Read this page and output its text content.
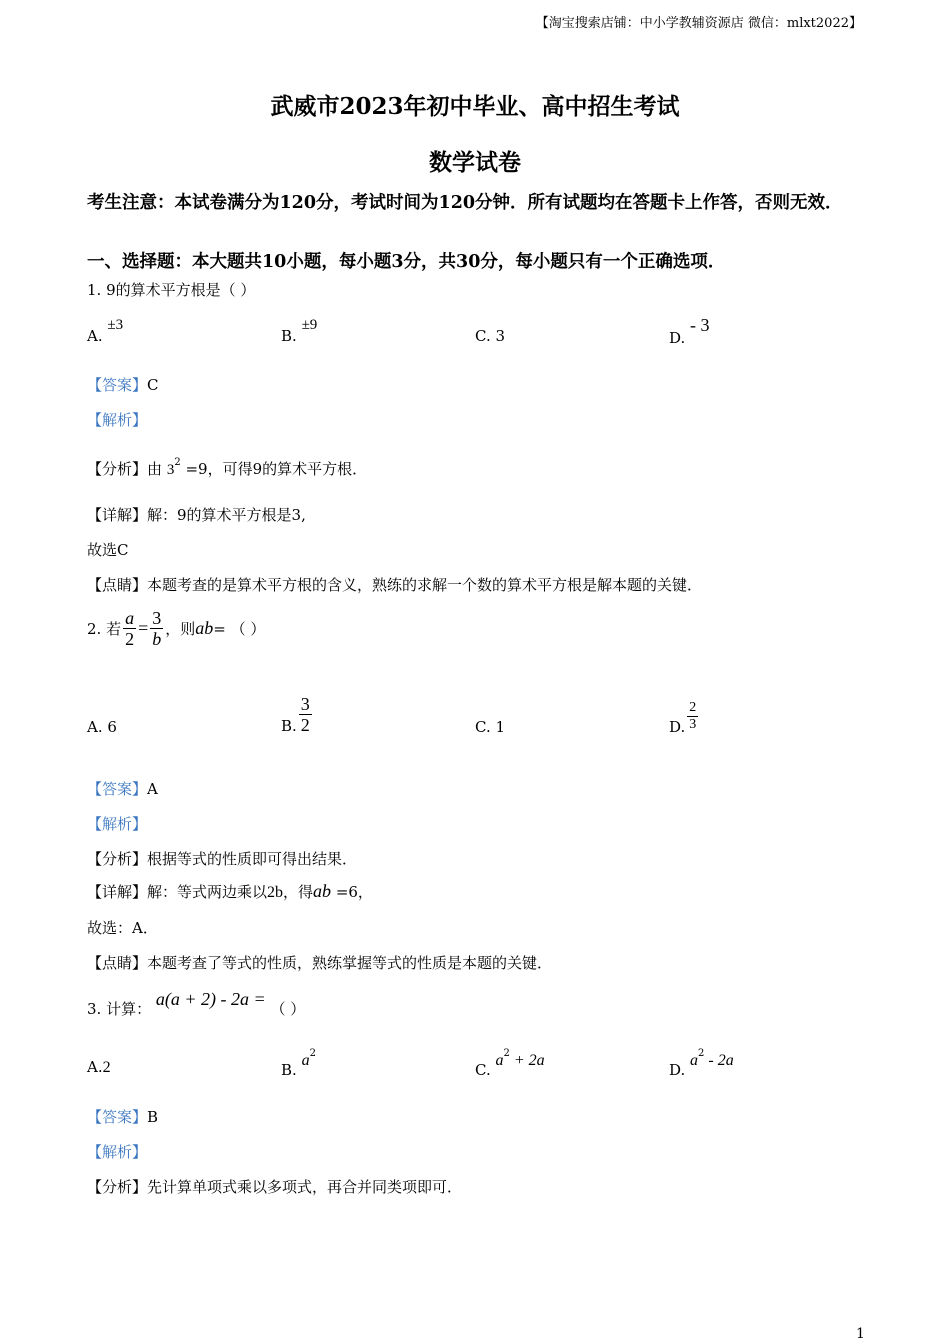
【淘宝搜索店铺：中小学教辅资源店 微信：mlxt2022】
武威市2023年初中毕业、高中招生考试
数学试卷
考生注意：本试卷满分为120分，考试时间为120分钟．所有试题均在答题卡上作答，否则无效．
一、选择题：本大题共10小题，每小题3分，共30分，每小题只有一个正确选项．
1. 9的算术平方根是（ ）
A. ±3
B. ±9
C. 3	D. - 3
【答案】C
【解析】
【分析】由 $3^2 =9$，可得9的算术平方根．
【详解】解：9的算术平方根是3,
故选C
【点睛】本题考查的是算术平方根的含义，熟练的求解一个数的算术平方根是解本题的关键．
2. 若 $\frac{a}{2} = \frac{3}{b}$ ，则 ab = （ ）
A. 6	B. $\frac{3}{2}$	C. 1	D. $\frac{2}{3}$
【答案】A
【解析】
【分析】根据等式的性质即可得出结果．
【详解】解：等式两边乘以2b，得ab =6，
故选：A．
【点睛】本题考查了等式的性质，熟练掌握等式的性质是本题的关键．
3. 计算： a(a + 2) - 2a = （ ）
A.2	B. $a^2$
C. $a^2 + 2a$
D. $a^2 - 2a$
【答案】B
【解析】
【分析】先计算单项式乘以多项式，再合并同类项即可．
1
